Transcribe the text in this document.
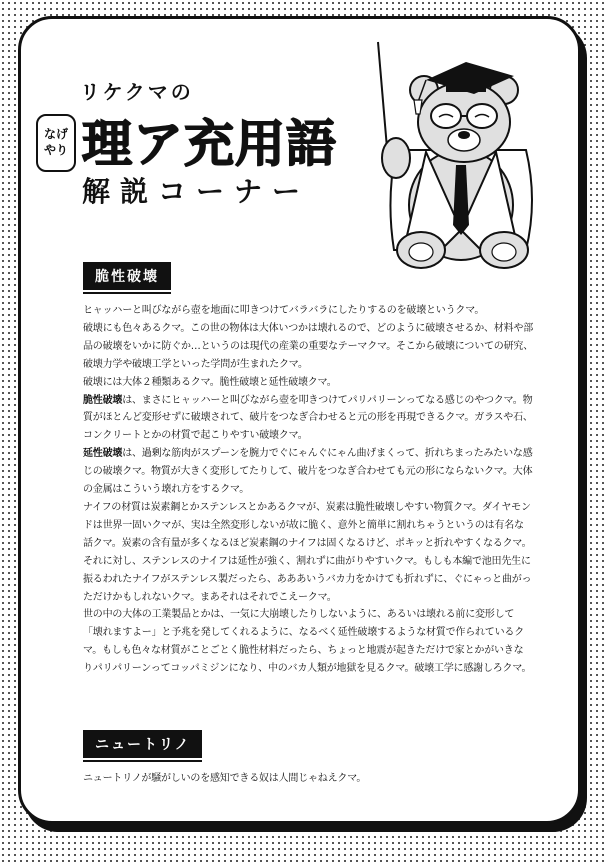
リケクマの
なげ
やり 理ア充用語
解説コーナー
脆性破壊

ヒャッハーと叫びながら壺を地面に叩きつけてバラバラにしたりするのを破壊というクマ。

破壊にも色々あるクマ。この世の物体は大体いつかは壊れるので、どのように破壊させるか、材料や部品の破壊をいかに防ぐか…というのは現代の産業の重要なテーマクマ。そこから破壊についての研究、破壊力学や破壊工学といった学問が生まれたクマ。

破壊には大体２種類あるクマ。脆性破壊と延性破壊クマ。

脆性破壊は、まさにヒャッハーと叫びながら壺を叩きつけてパリパリーンってなる感じのやつクマ。物質がほとんど変形せずに破壊されて、破片をつなぎ合わせると元の形を再現できるクマ。ガラスや石、コンクリートとかの材質で起こりやすい破壊クマ。

延性破壊は、過剰な筋肉がスプーンを腕力でぐにゃんぐにゃん曲げまくって、折れちまったみたいな感じの破壊クマ。物質が大きく変形してたりして、破片をつなぎ合わせても元の形にならないクマ。大体の金属はこういう壊れ方をするクマ。

ナイフの材質は炭素鋼とかステンレスとかあるクマが、炭素は脆性破壊しやすい物質クマ。ダイヤモンドは世界一固いクマが、実は全然変形しないが故に脆く、意外と簡単に割れちゃうというのは有名な話クマ。炭素の含有量が多くなるほど炭素鋼のナイフは固くなるけど、ポキッと折れやすくなるクマ。

それに対し、ステンレスのナイフは延性が強く、割れずに曲がりやすいクマ。もしも本編で池田先生に振るわれたナイフがステンレス製だったら、あああいうバカ力をかけても折れずに、ぐにゃっと曲がっただけかもしれないクマ。まあそれはそれでこえークマ。

世の中の大体の工業製品とかは、一気に大崩壊したりしないように、あるいは壊れる前に変形して「壊れますよー」と予兆を発してくれるように、なるべく延性破壊するような材質で作られているクマ。もしも色々な材質がことごとく脆性材料だったら、ちょっと地震が起きただけで家とかがいきなりパリパリーンってコッパミジンになり、中のバカ人類が地獄を見るクマ。破壊工学に感謝しろクマ。

ニュートリノ

ニュートリノが騒がしいのを感知できる奴は人間じゃねえクマ。
